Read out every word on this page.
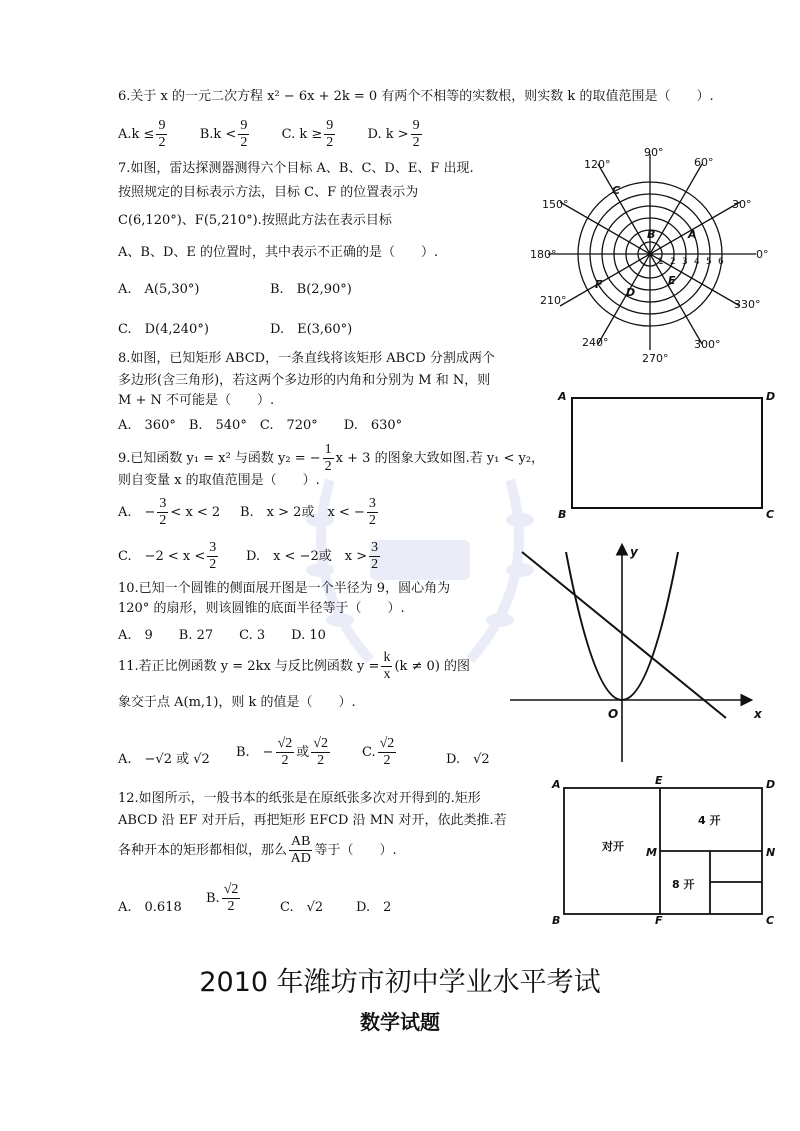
6.关于 x 的一元二次方程 x² − 6x + 2k = 0 有两个不相等的实数根，则实数 k 的取值范围是（　　）.
$A.k \le \frac{9}{2} B.k < \frac{9}{2} C$. $k \ge \frac{9}{2} D$. $k > \frac{9}{2}$
7.如图，雷达探测器测得六个目标 A、B、C、D、E、F 出现.
按照规定的目标表示方法，目标 C、F 的位置表示为
C(6,120°)、F(5,210°).按照此方法在表示目标
A、B、D、E 的位置时，其中表示不正确的是（　　）.
A.　A(5,30°)	B.　B(2,90°)
C.　D(4,240°)	D.　E(3,60°)
90°
60°
30°
0°
330°
300°
270°
240°
210°
180°
150°
120°
1 2 3 4 5 6
A
B
C
D
E
F
8.如图，已知矩形 ABCD，一条直线将该矩形 ABCD 分割成两个
多边形(含三角形)，若这两个多边形的内角和分别为 M 和 N，则
M + N 不可能是（　　）.
A.　360°　B.　540°　C.　720°　　D.　630°
A	D
B	C
9.已知函数 y₁ = x² 与函数 y₂ = − $\frac{1}{2}$ x + 3 的图象大致如图.若 y₁ < y₂，
则自变量 x 的取值范围是（　　）.
A.　− $\frac{3}{2} < x < 2$ B.　x > 2或　x < − $\frac{3}{2}$
C.　$-2 < x < \frac{3}{2} D$.　x < −2或　$x > \frac{3}{2}$
x
y
O
10.已知一个圆锥的侧面展开图是一个半径为 9，圆心角为
120° 的扇形，则该圆锥的底面半径等于（　　）.
A.　9　　B. 27　　C. 3　　D. 10
11.若正比例函数 y = 2kx 与反比例函数 $y = \frac{k}{x} (k \ne 0)$ 的图
象交于点 A(m,1)，则 k 的值是（　　）.
A.　−√2 或 √2 B.　− $\frac{√2}{2}$ 或 $\frac{√2}{2} C$. $\frac{√2}{2}$	D.　√2
12.如图所示，一般书本的纸张是在原纸张多次对开得到的.矩形
ABCD 沿 EF 对开后，再把矩形 EFCD 沿 MN 对开，依此类推.若
各种开本的矩形都相似，那么 $\frac{AB}{AD}$ 等于（　　）.
A.　0.618
B. $\frac{√2}{2}$	C.　√2	D.　2
A	E	D
M	N
B	F	C
对开
4 开
8 开
2010 年潍坊市初中学业水平考试
数学试题
